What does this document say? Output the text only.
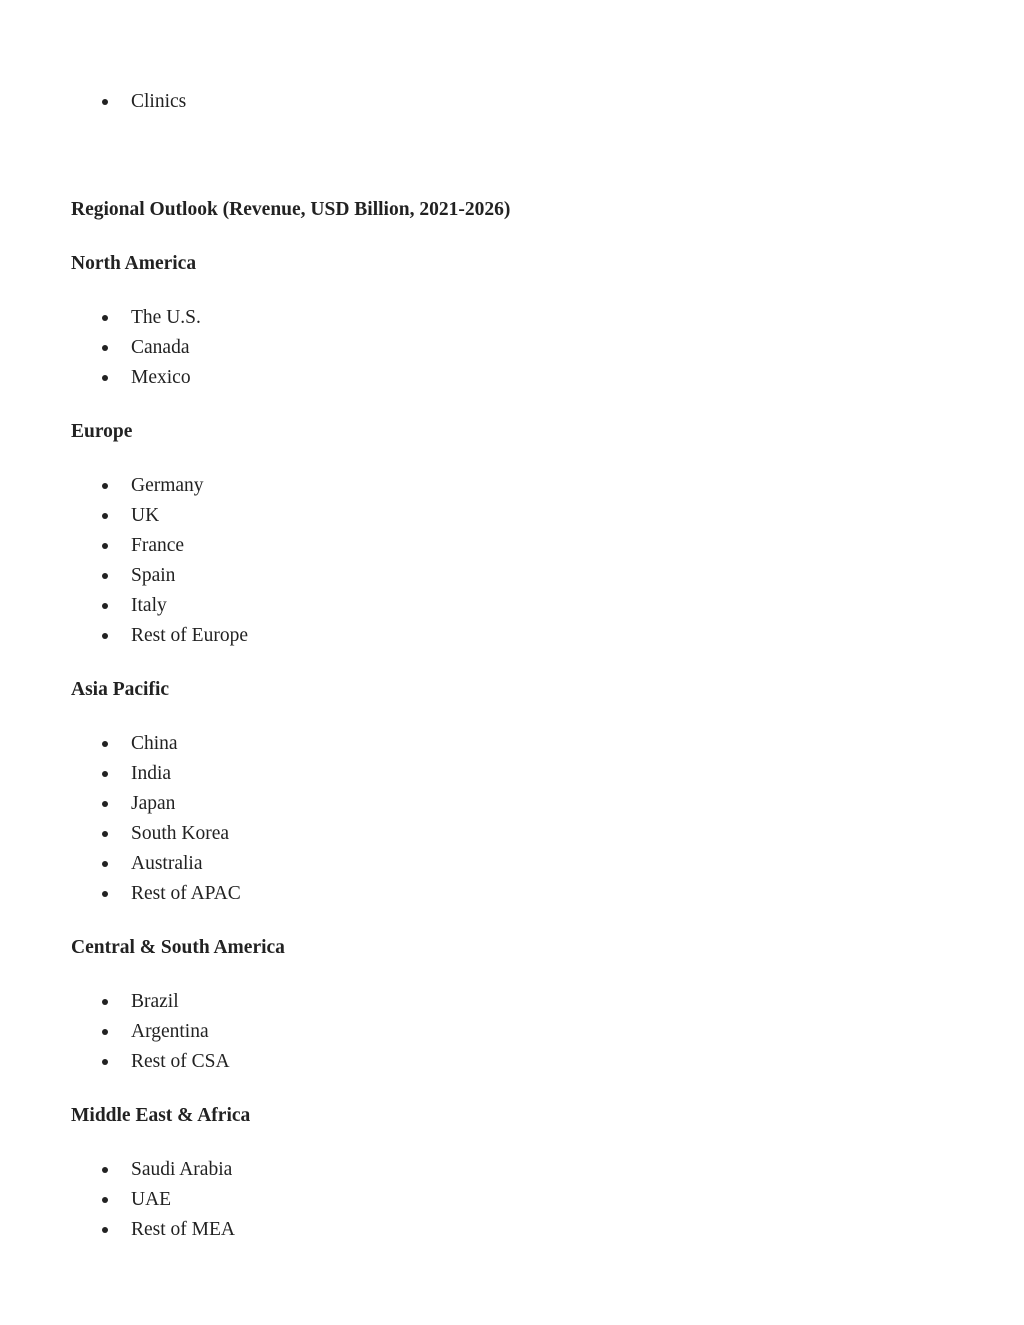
Clinics
Regional Outlook (Revenue, USD Billion, 2021-2026)
North America
The U.S.
Canada
Mexico
Europe
Germany
UK
France
Spain
Italy
Rest of Europe
Asia Pacific
China
India
Japan
South Korea
Australia
Rest of APAC
Central & South America
Brazil
Argentina
Rest of CSA
Middle East & Africa
Saudi Arabia
UAE
Rest of MEA
